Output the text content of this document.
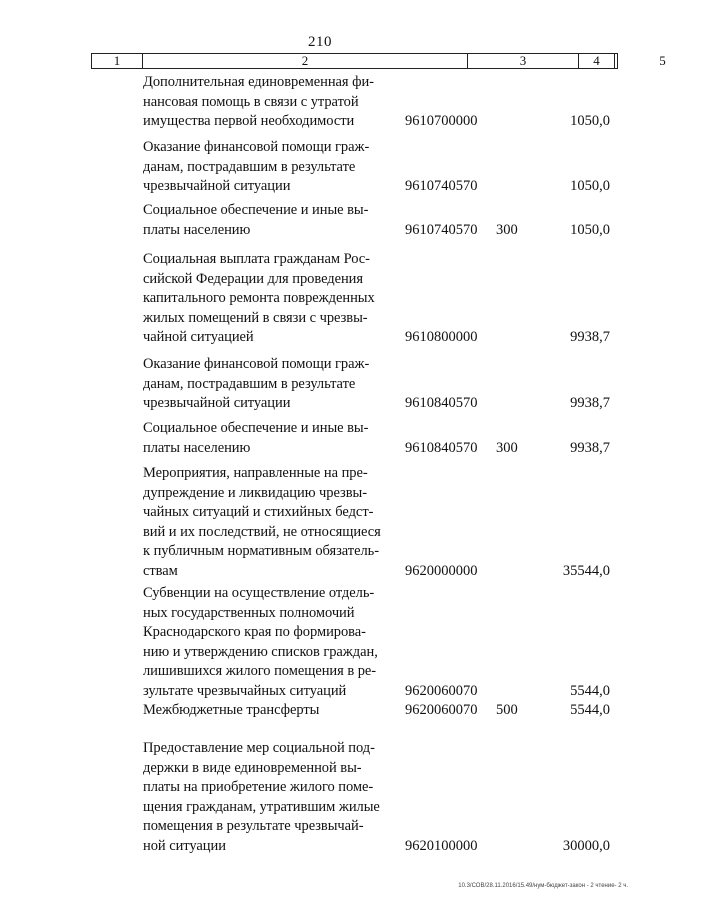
210
1	2	3	4	5
Дополнительная единовременная фи-
нансовая помощь в связи с утратой
имущества первой необходимости	9610700000	1050,0
Оказание финансовой помощи граж-
данам, пострадавшим в результате
чрезвычайной ситуации	9610740570	1050,0
Социальное обеспечение и иные вы-
платы населению	9610740570 300	1050,0
Социальная выплата гражданам Рос-
сийской Федерации для проведения
капитального ремонта поврежденных
жилых помещений в связи с чрезвы-
чайной ситуацией	9610800000	9938,7
Оказание финансовой помощи граж-
данам, пострадавшим в результате
чрезвычайной ситуации	9610840570	9938,7
Социальное обеспечение и иные вы-
платы населению	9610840570 300	9938,7
Мероприятия, направленные на пре-
дупреждение и ликвидацию чрезвы-
чайных ситуаций и стихийных бедст-
вий и их последствий, не относящиеся
к публичным нормативным обязатель-
ствам	9620000000	35544,0
Субвенции на осуществление отдель-
ных государственных полномочий
Краснодарского края по формирова-
нию и утверждению списков граждан,
лишившихся жилого помещения в ре-
зультате чрезвычайных ситуаций	9620060070	5544,0
Межбюджетные трансферты	9620060070 500	5544,0
Предоставление мер социальной под-
держки в виде единовременной вы-
платы на приобретение жилого поме-
щения гражданам, утратившим жилые
помещения в результате чрезвычай-
ной ситуации	9620100000	30000,0
10.3/СОВ/28.11.2016/15.49/нум-бюджет-закон - 2 чтение- 2 ч.
